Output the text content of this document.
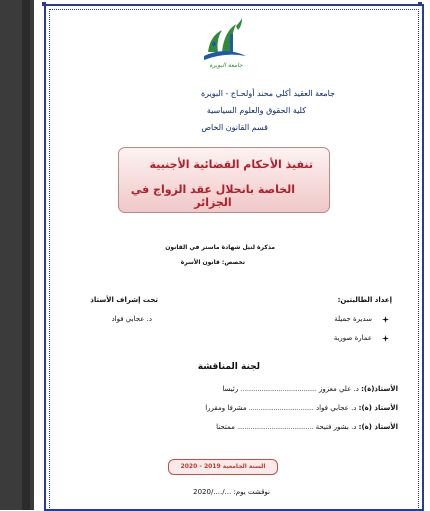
جامعة البويرة
جامعة العقيد أكلي محند أولحـاج - البويرة
كلية الحقوق والعلوم السياسية
قسم القانون الخاص
تنفيذ الأحكام القضائية الأجنبية
الخاصة بانحلال عقد الزواج في الجزائر
مذكرة لنيل شهادة ماستر في القانون
تخصص: قانون الأسرة
إعداد الطالبتين:
تحت إشراف الأستاذ
سديرة جميلة
د. عجابي فواد
عمارة صورية
لجنة المناقشة
الأستاذ(ة): د. علي معزوز ........................................ رئيسا
الأستاذ (ة): د. عجابي فواد .................................. مشرفا ومقررا
الأستاذ (ة): د. بشور فتيحة ........................................ ممتحنا
السنة الجامعية 2019 - 2020
نوقشت يوم: .../..../2020
